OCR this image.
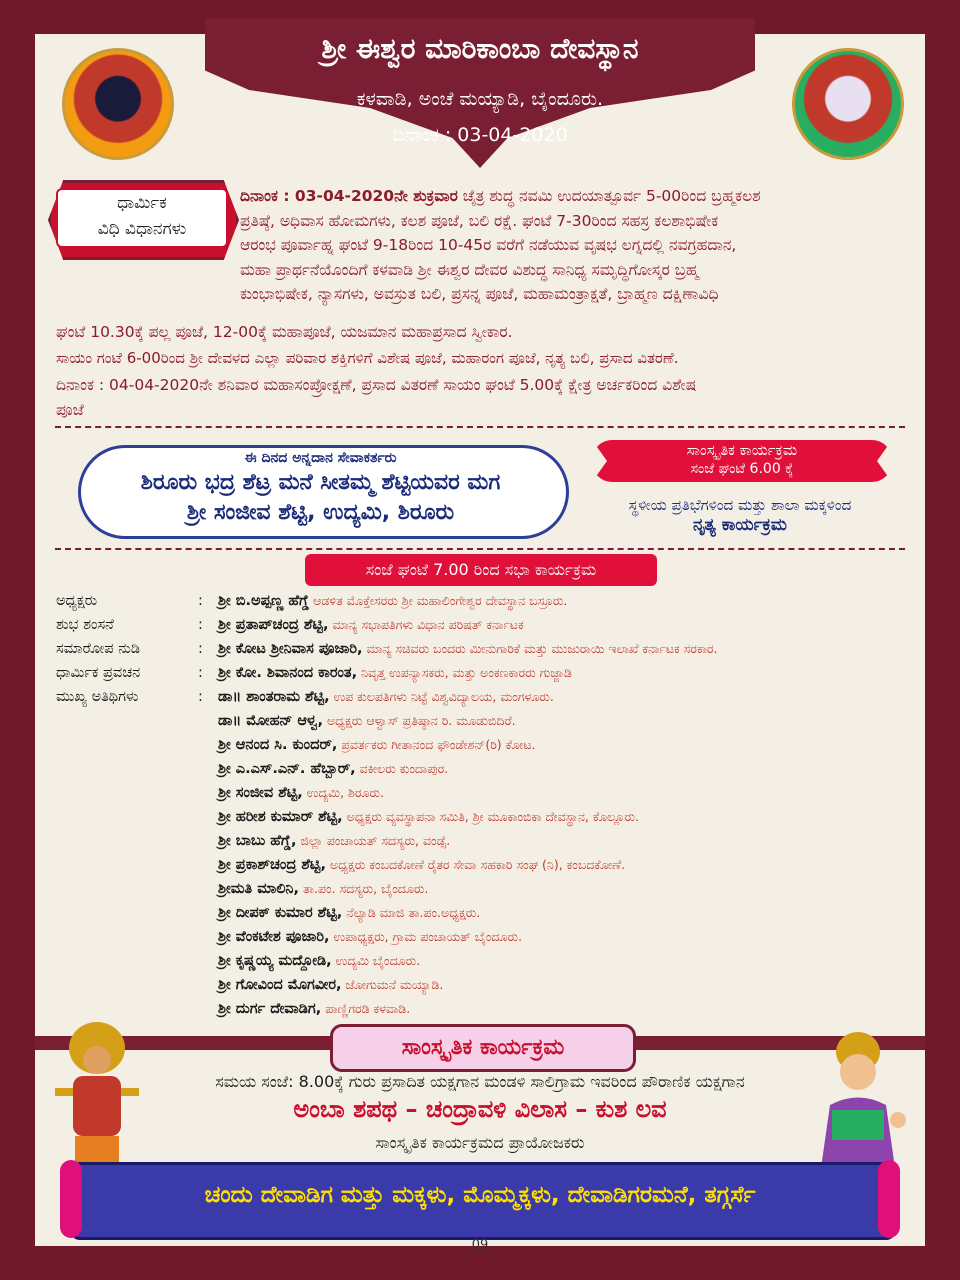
ಶ್ರೀ ಈಶ್ವರ ಮಾರಿಕಾಂಬಾ ದೇವಸ್ಥಾನ
ಕಳವಾಡಿ, ಅಂಚೆ ಮಯ್ಯಾಡಿ, ಬೈಂದೂರು.
ದಿನಾಂಕ : 03-04-2020
ಧಾರ್ಮಿಕ
ವಿಧಿ ವಿಧಾನಗಳು
ದಿನಾಂಕ : 03-04-2020ನೇ ಶುಕ್ರವಾರ ಚೈತ್ರ ಶುದ್ಧ ನವಮಿ ಉದಯಾತ್ಪೂರ್ವ 5-00ರಿಂದ ಬ್ರಹ್ಮಕಲಶ
ಪ್ರತಿಷ್ಠೆ, ಅಧಿವಾಸ ಹೋಮಗಳು, ಕಲಶ ಪೂಜೆ, ಬಲಿ ರಕ್ಷೆ. ಘಂಟೆ 7-30ರಿಂದ ಸಹಸ್ರ ಕಲಶಾಭಿಷೇಕ
ಆರಂಭ ಪೂರ್ವಾಹ್ನ ಘಂಟೆ 9-18ರಿಂದ 10-45ರ ವರೆಗೆ ನಡೆಯುವ ವೃಷಭ ಲಗ್ನದಲ್ಲಿ ನವಗ್ರಹದಾನ,
ಮಹಾ ಪ್ರಾರ್ಥನೆಯೊಂದಿಗೆ ಕಳವಾಡಿ ಶ್ರೀ ಈಶ್ವರ ದೇವರ ವಿಶುದ್ಧ ಸಾನಿಧ್ಯ ಸಮೃದ್ಧಿಗೋಸ್ಕರ ಬ್ರಹ್ಮ
ಕುಂಭಾಭಿಷೇಕ, ನ್ಯಾಸಗಳು, ಅವಸ್ರುತ ಬಲಿ, ಪ್ರಸನ್ನ ಪೂಜೆ, ಮಹಾಮಂತ್ರಾಕ್ಷತೆ, ಬ್ರಾಹ್ಮಣ ದಕ್ಷಿಣಾವಿಧಿ
ಘಂಟೆ 10.30ಕ್ಕೆ ಪಲ್ಲ ಪೂಜೆ, 12-00ಕ್ಕೆ ಮಹಾಪೂಜೆ, ಯಜಮಾನ ಮಹಾಪ್ರಸಾದ ಸ್ವೀಕಾರ.
ಸಾಯಂ ಗಂಟೆ 6-00ರಿಂದ ಶ್ರೀ ದೇವಳದ ಎಲ್ಲಾ ಪರಿವಾರ ಶಕ್ತಿಗಳಿಗೆ ವಿಶೇಷ ಪೂಜೆ, ಮಹಾರಂಗ ಪೂಜೆ, ನೃತ್ಯ ಬಲಿ, ಪ್ರಸಾದ ವಿತರಣೆ.
ದಿನಾಂಕ : 04-04-2020ನೇ ಶನಿವಾರ ಮಹಾಸಂಪ್ರೋಕ್ಷಣೆ, ಪ್ರಸಾದ ವಿತರಣೆ ಸಾಯಂ ಘಂಟೆ 5.00ಕ್ಕೆ ಕ್ಷೇತ್ರ ಅರ್ಚಕರಿಂದ ವಿಶೇಷ
ಪೂಜೆ
ಈ ದಿನದ ಅನ್ನದಾನ ಸೇವಾಕರ್ತರು
ಶಿರೂರು ಭದ್ರ ಶೆಟ್ರ ಮನೆ ಸೀತಮ್ಮ ಶೆಟ್ಟಿಯವರ ಮಗ
ಶ್ರೀ ಸಂಜೀವ ಶೆಟ್ಟಿ, ಉದ್ಯಮಿ, ಶಿರೂರು
ಸಾಂಸ್ಕೃತಿಕ ಕಾರ್ಯಕ್ರಮ
ಸಂಜೆ ಘಂಟೆ 6.00 ಕ್ಕೆ
ಸ್ಥಳೀಯ ಪ್ರತಿಭೆಗಳಿಂದ ಮತ್ತು ಶಾಲಾ ಮಕ್ಕಳಿಂದ
ನೃತ್ಯ ಕಾರ್ಯಕ್ರಮ
ಸಂಜೆ ಘಂಟೆ 7.00 ರಿಂದ ಸಭಾ ಕಾರ್ಯಕ್ರಮ
ಅಧ್ಯಕ್ಷರು	:	ಶ್ರೀ ಬಿ.ಅಪ್ಪಣ್ಣ ಹೆಗ್ಡೆ ಆಡಳಿತ ಮೊಕ್ತೇಸರರು ಶ್ರೀ ಮಹಾಲಿಂಗೇಶ್ವರ ದೇವಸ್ಥಾನ ಬಸ್ರೂರು.
ಶುಭ ಶಂಸನೆ	:	ಶ್ರೀ ಪ್ರತಾಪ್‌ಚಂದ್ರ ಶೆಟ್ಟಿ, ಮಾನ್ಯ ಸಭಾಪತಿಗಳು ವಿಧಾನ ಪರಿಷತ್ ಕರ್ನಾಟಕ
ಸಮಾರೋಪ ನುಡಿ	:	ಶ್ರೀ ಕೋಟ ಶ್ರೀನಿವಾಸ ಪೂಜಾರಿ, ಮಾನ್ಯ ಸಚಿವರು ಬಂದರು ಮೀನುಗಾರಿಕೆ ಮತ್ತು ಮುಜುರಾಯಿ ಇಲಾಖೆ ಕರ್ನಾಟಕ ಸರಕಾರ.
ಧಾರ್ಮಿಕ ಪ್ರವಚನ	:	ಶ್ರೀ ಕೋ. ಶಿವಾನಂದ ಕಾರಂತ, ನಿವೃತ್ತ ಉಪನ್ಯಾಸಕರು, ಮತ್ತು ಅಂಕಣಕಾರರು ಗುಜ್ಜಾಡಿ
ಮುಖ್ಯ ಅತಿಥಿಗಳು	:	ಡಾ॥ ಶಾಂತರಾಮ ಶೆಟ್ಟಿ, ಉಪ ಕುಲಪತಿಗಳು ನಿಟ್ಟೆ ವಿಶ್ವವಿದ್ಯಾಲಯ, ಮಂಗಳೂರು.
ಡಾ॥ ಮೋಹನ್ ಆಳ್ವ, ಅಧ್ಯಕ್ಷರು ಆಳ್ವಾಸ್ ಪ್ರತಿಷ್ಠಾನ ರಿ. ಮೂಡುಬಿದಿರೆ.
ಶ್ರೀ ಆನಂದ ಸಿ. ಕುಂದರ್, ಪ್ರವರ್ತಕರು ಗೀತಾನಂದ ಫೌಂಡೇಶನ್(ರಿ) ಕೋಟ.
ಶ್ರೀ ಎ.ಎಸ್.ಎನ್. ಹೆಬ್ಬಾರ್, ವಕೀಲರು ಕುಂದಾಪುರ.
ಶ್ರೀ ಸಂಜೀವ ಶೆಟ್ಟಿ, ಉದ್ಯಮಿ, ಶಿರೂರು.
ಶ್ರೀ ಹರೀಶ ಕುಮಾರ್ ಶೆಟ್ಟಿ, ಅಧ್ಯಕ್ಷರು ವ್ಯವಸ್ಥಾಪನಾ ಸಮಿತಿ, ಶ್ರೀ ಮೂಕಾಂಬಿಕಾ ದೇವಸ್ಥಾನ, ಕೊಲ್ಲೂರು.
ಶ್ರೀ ಬಾಬು ಹೆಗ್ಡೆ, ಜಿಲ್ಲಾ ಪಂಚಾಯತ್ ಸದಸ್ಯರು, ವಂಡ್ಸೆ.
ಶ್ರೀ ಪ್ರಕಾಶ್‌ಚಂದ್ರ ಶೆಟ್ಟಿ, ಅಧ್ಯಕ್ಷರು ಕಂಬದಕೋಣೆ ರೈತರ ಸೇವಾ ಸಹಕಾರಿ ಸಂಘ (ನಿ), ಕಂಬದಕೋಣೆ.
ಶ್ರೀಮತಿ ಮಾಲಿನಿ, ತಾ.ಪಂ. ಸದಸ್ಯರು, ಬೈಂದೂರು.
ಶ್ರೀ ದೀಪಕ್ ಕುಮಾರ ಶೆಟ್ಟಿ, ನೆಲ್ಯಾಡಿ ಮಾಜಿ ತಾ.ಪಂ.ಅಧ್ಯಕ್ಷರು.
ಶ್ರೀ ವೆಂಕಟೇಶ ಪೂಜಾರಿ, ಉಪಾಧ್ಯಕ್ಷರು, ಗ್ರಾಮ ಪಂಚಾಯತ್ ಬೈಂದೂರು.
ಶ್ರೀ ಕೃಷ್ಣಯ್ಯ ಮದ್ದೋಡಿ, ಉದ್ಯಮಿ ಬೈಂದೂರು.
ಶ್ರೀ ಗೋವಿಂದ ಮೊಗವೀರ, ಜೋಗುಮನೆ ಮಯ್ಯಾಡಿ.
ಶ್ರೀ ದುರ್ಗ ದೇವಾಡಿಗ, ಪಾಣ್ಣಿಗರಡಿ ಕಳವಾಡಿ.
ಸಾಂಸ್ಕೃತಿಕ ಕಾರ್ಯಕ್ರಮ
ಸಮಯ ಸಂಜೆ: 8.00ಕ್ಕೆ ಗುರು ಪ್ರಸಾದಿತ ಯಕ್ಷಗಾನ ಮಂಡಳಿ ಸಾಲಿಗ್ರಾಮ ಇವರಿಂದ ಪೌರಾಣಿಕ ಯಕ್ಷಗಾನ
ಅಂಬಾ ಶಪಥ – ಚಂದ್ರಾವಳಿ ವಿಲಾಸ – ಕುಶ ಲವ
ಸಾಂಸ್ಕೃತಿಕ ಕಾರ್ಯಕ್ರಮದ ಪ್ರಾಯೋಜಕರು
ಚಂದು ದೇವಾಡಿಗ ಮತ್ತು ಮಕ್ಕಳು, ಮೊಮ್ಮಕ್ಕಳು, ದೇವಾಡಿಗರಮನೆ, ತಗ್ಗರ್ಸೆ
09
